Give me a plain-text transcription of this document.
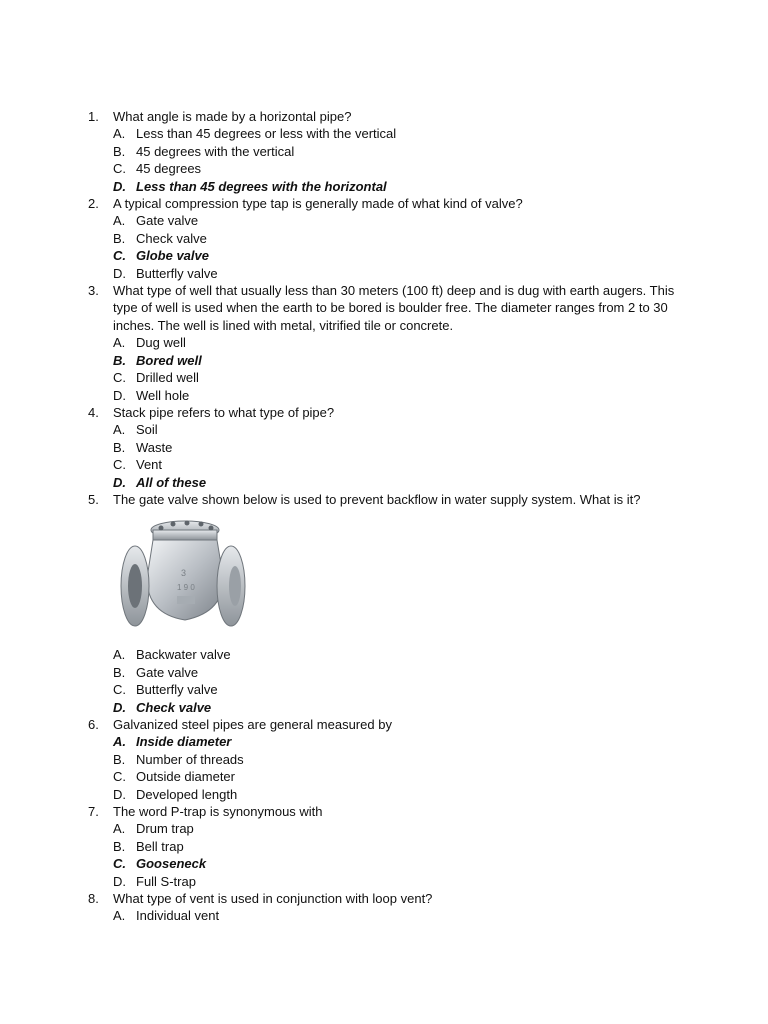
1.	What angle is made by a horizontal pipe?
A. Less than 45 degrees or less with the vertical
B. 45 degrees with the vertical
C. 45 degrees
D. Less than 45 degrees with the horizontal
2.	A typical compression type tap is generally made of what kind of valve?
A. Gate valve
B. Check valve
C. Globe valve
D. Butterfly valve
3.	What type of well that usually less than 30 meters (100 ft) deep and is dug with earth augers. This type of well is used when the earth to be bored is boulder free. The diameter ranges from 2 to 30 inches. The well is lined with metal, vitrified tile or concrete.
A. Dug well
B. Bored well
C. Drilled well
D. Well hole
4.	Stack pipe refers to what type of pipe?
A. Soil
B. Waste
C. Vent
D. All of these
5.	The gate valve shown below is used to prevent backflow in water supply system. What is it?
3
1 9 0
A. Backwater valve
B. Gate valve
C. Butterfly valve
D. Check valve
6.	Galvanized steel pipes are general measured by
A. Inside diameter
B. Number of threads
C. Outside diameter
D. Developed length
7.	The word P-trap is synonymous with
A. Drum trap
B. Bell trap
C. Gooseneck
D. Full S-trap
8.	What type of vent is used in conjunction with loop vent?
A. Individual vent
